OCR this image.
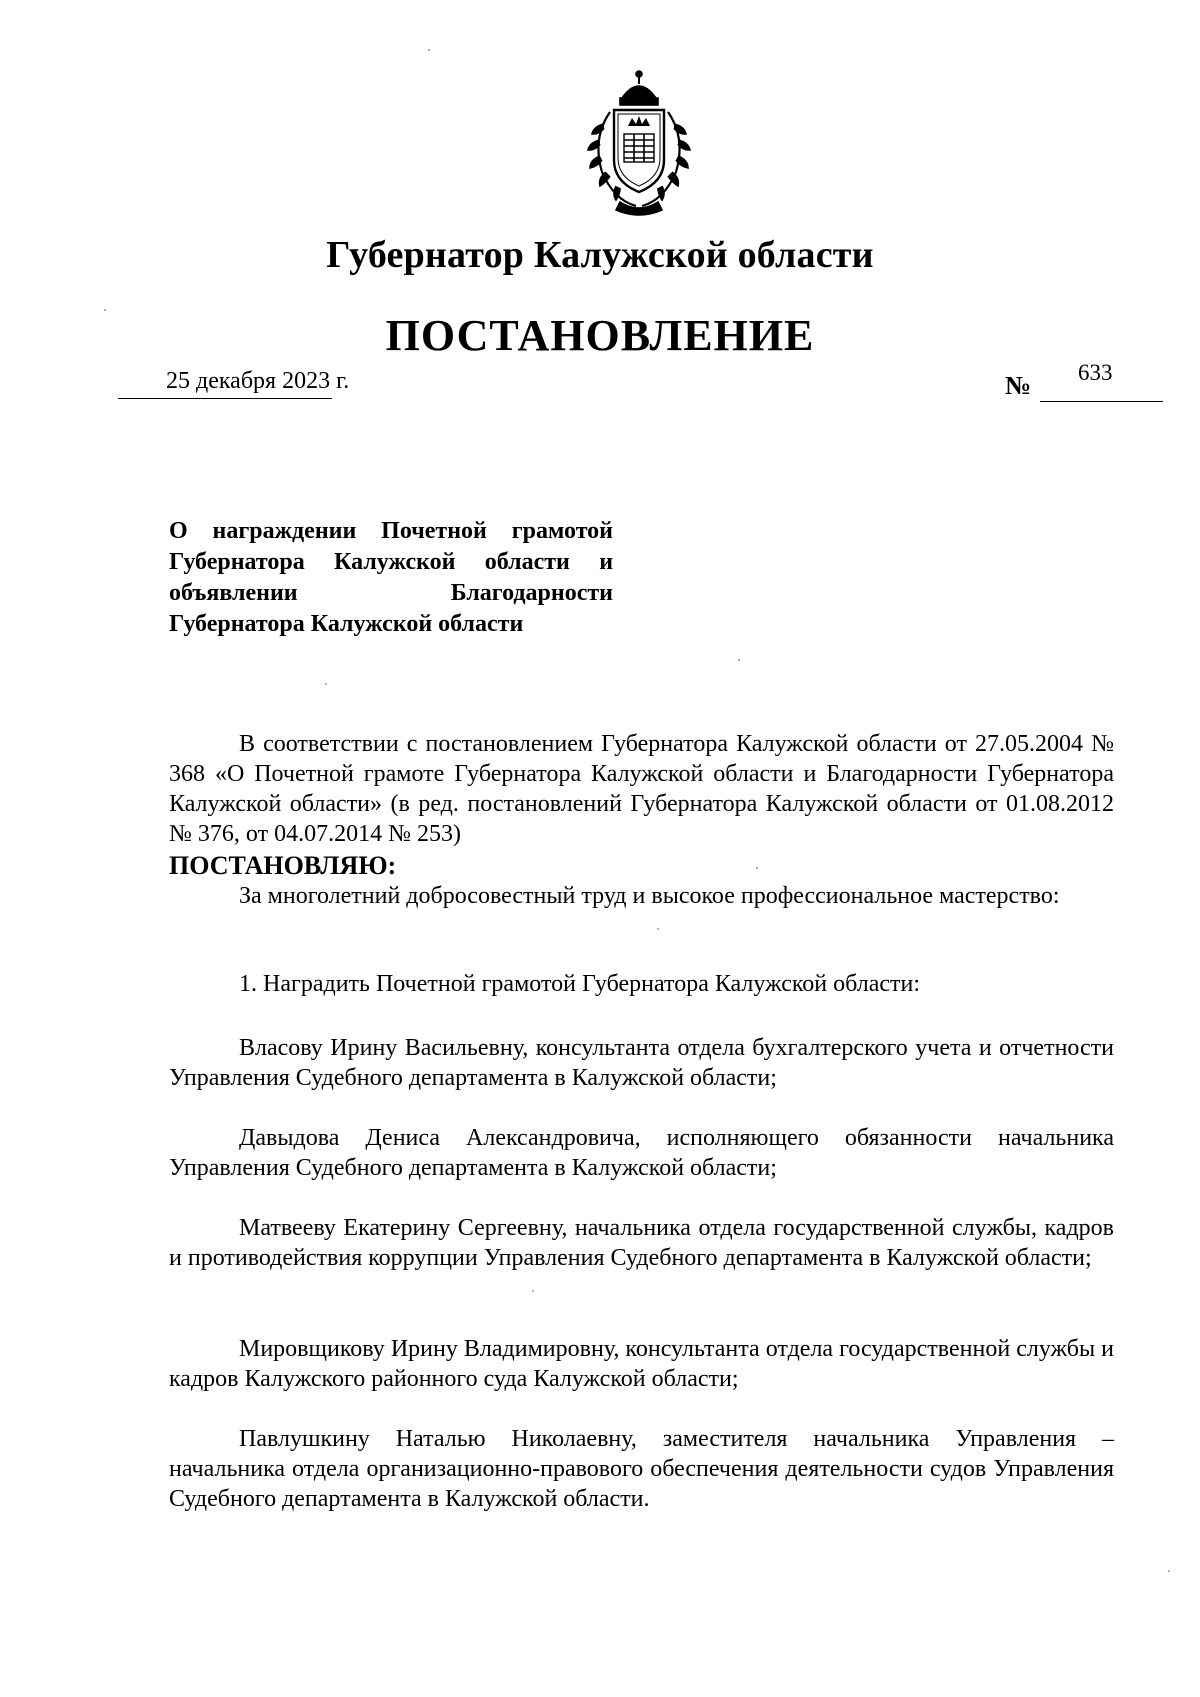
Губернатор Калужской области
ПОСТАНОВЛЕНИЕ
25 декабря 2023 г.	№ 633
О награждении Почетной грамотой Губернатора Калужской области и объявлении Благодарности
Губернатора Калужской области
В соответствии с постановлением Губернатора Калужской области от 27.05.2004 № 368 «О Почетной грамоте Губернатора Калужской области и Благодарности Губернатора Калужской области» (в ред. постановлений Губернатора Калужской области от 01.08.2012 № 376, от 04.07.2014 № 253)
ПОСТАНОВЛЯЮ:
За многолетний добросовестный труд и высокое профессиональное мастерство:
1. Наградить Почетной грамотой Губернатора Калужской области:
Власову Ирину Васильевну, консультанта отдела бухгалтерского учета и отчетности Управления Судебного департамента в Калужской области;
Давыдова Дениса Александровича, исполняющего обязанности начальника Управления Судебного департамента в Калужской области;
Матвееву Екатерину Сергеевну, начальника отдела государственной службы, кадров и противодействия коррупции Управления Судебного департамента в Калужской области;
Мировщикову Ирину Владимировну, консультанта отдела государственной службы и кадров Калужского районного суда Калужской области;
Павлушкину Наталью Николаевну, заместителя начальника Управления – начальника отдела организационно-правового обеспечения деятельности судов Управления Судебного департамента в Калужской области.
